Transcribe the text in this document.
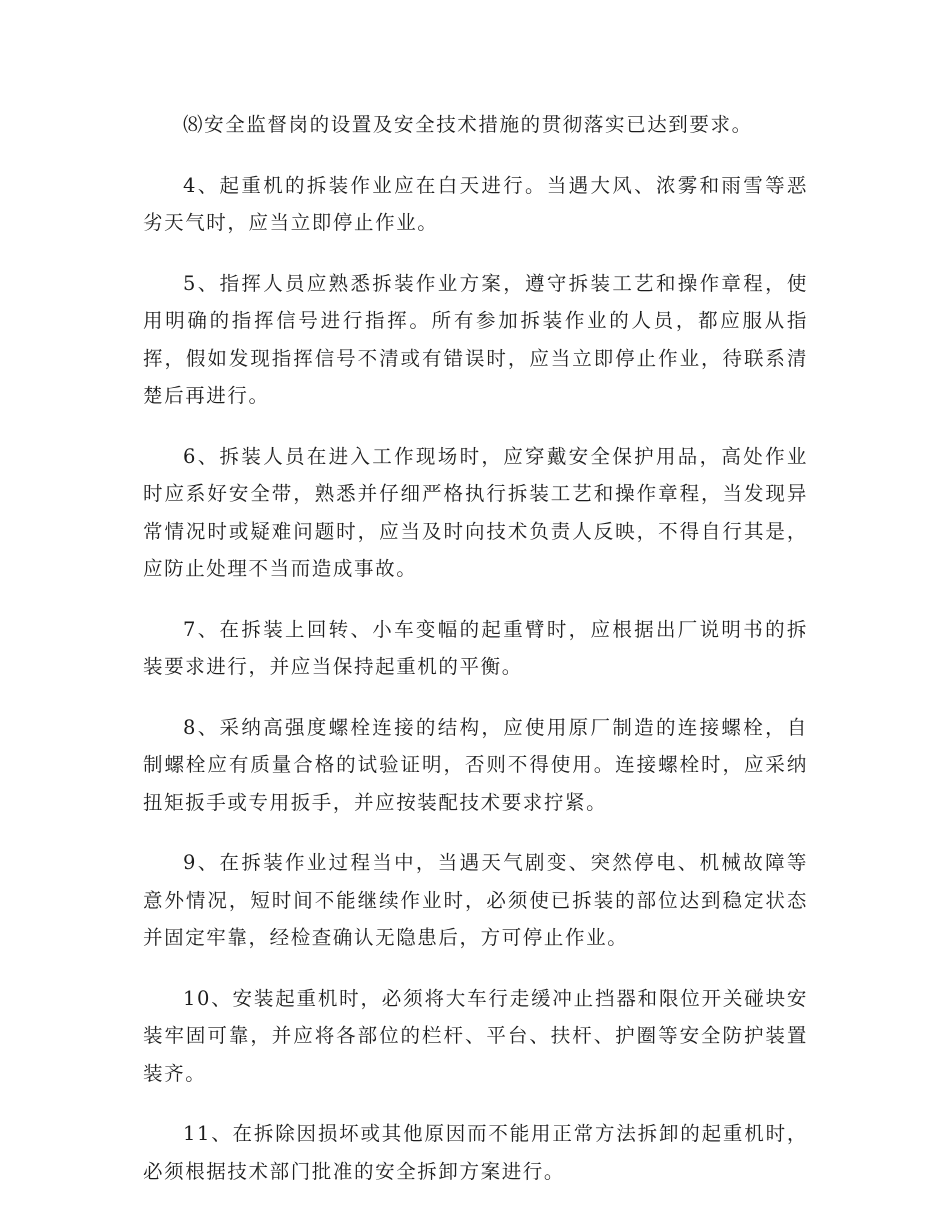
⑻安全监督岗的设置及安全技术措施的贯彻落实已达到要求。

4、起重机的拆装作业应在白天进行。当遇大风、浓雾和雨雪等恶劣天气时，应当立即停止作业。

5、指挥人员应熟悉拆装作业方案，遵守拆装工艺和操作章程，使用明确的指挥信号进行指挥。所有参加拆装作业的人员，都应服从指挥，假如发现指挥信号不清或有错误时，应当立即停止作业，待联系清楚后再进行。

6、拆装人员在进入工作现场时，应穿戴安全保护用品，高处作业时应系好安全带，熟悉并仔细严格执行拆装工艺和操作章程，当发现异常情况时或疑难问题时，应当及时向技术负责人反映，不得自行其是，应防止处理不当而造成事故。

7、在拆装上回转、小车变幅的起重臂时，应根据出厂说明书的拆装要求进行，并应当保持起重机的平衡。

8、采纳高强度螺栓连接的结构，应使用原厂制造的连接螺栓，自制螺栓应有质量合格的试验证明，否则不得使用。连接螺栓时，应采纳扭矩扳手或专用扳手，并应按装配技术要求拧紧。

9、在拆装作业过程当中，当遇天气剧变、突然停电、机械故障等意外情况，短时间不能继续作业时，必须使已拆装的部位达到稳定状态并固定牢靠，经检查确认无隐患后，方可停止作业。

10、安装起重机时，必须将大车行走缓冲止挡器和限位开关碰块安装牢固可靠，并应将各部位的栏杆、平台、扶杆、护圈等安全防护装置装齐。

11、在拆除因损坏或其他原因而不能用正常方法拆卸的起重机时，必须根据技术部门批准的安全拆卸方案进行。
